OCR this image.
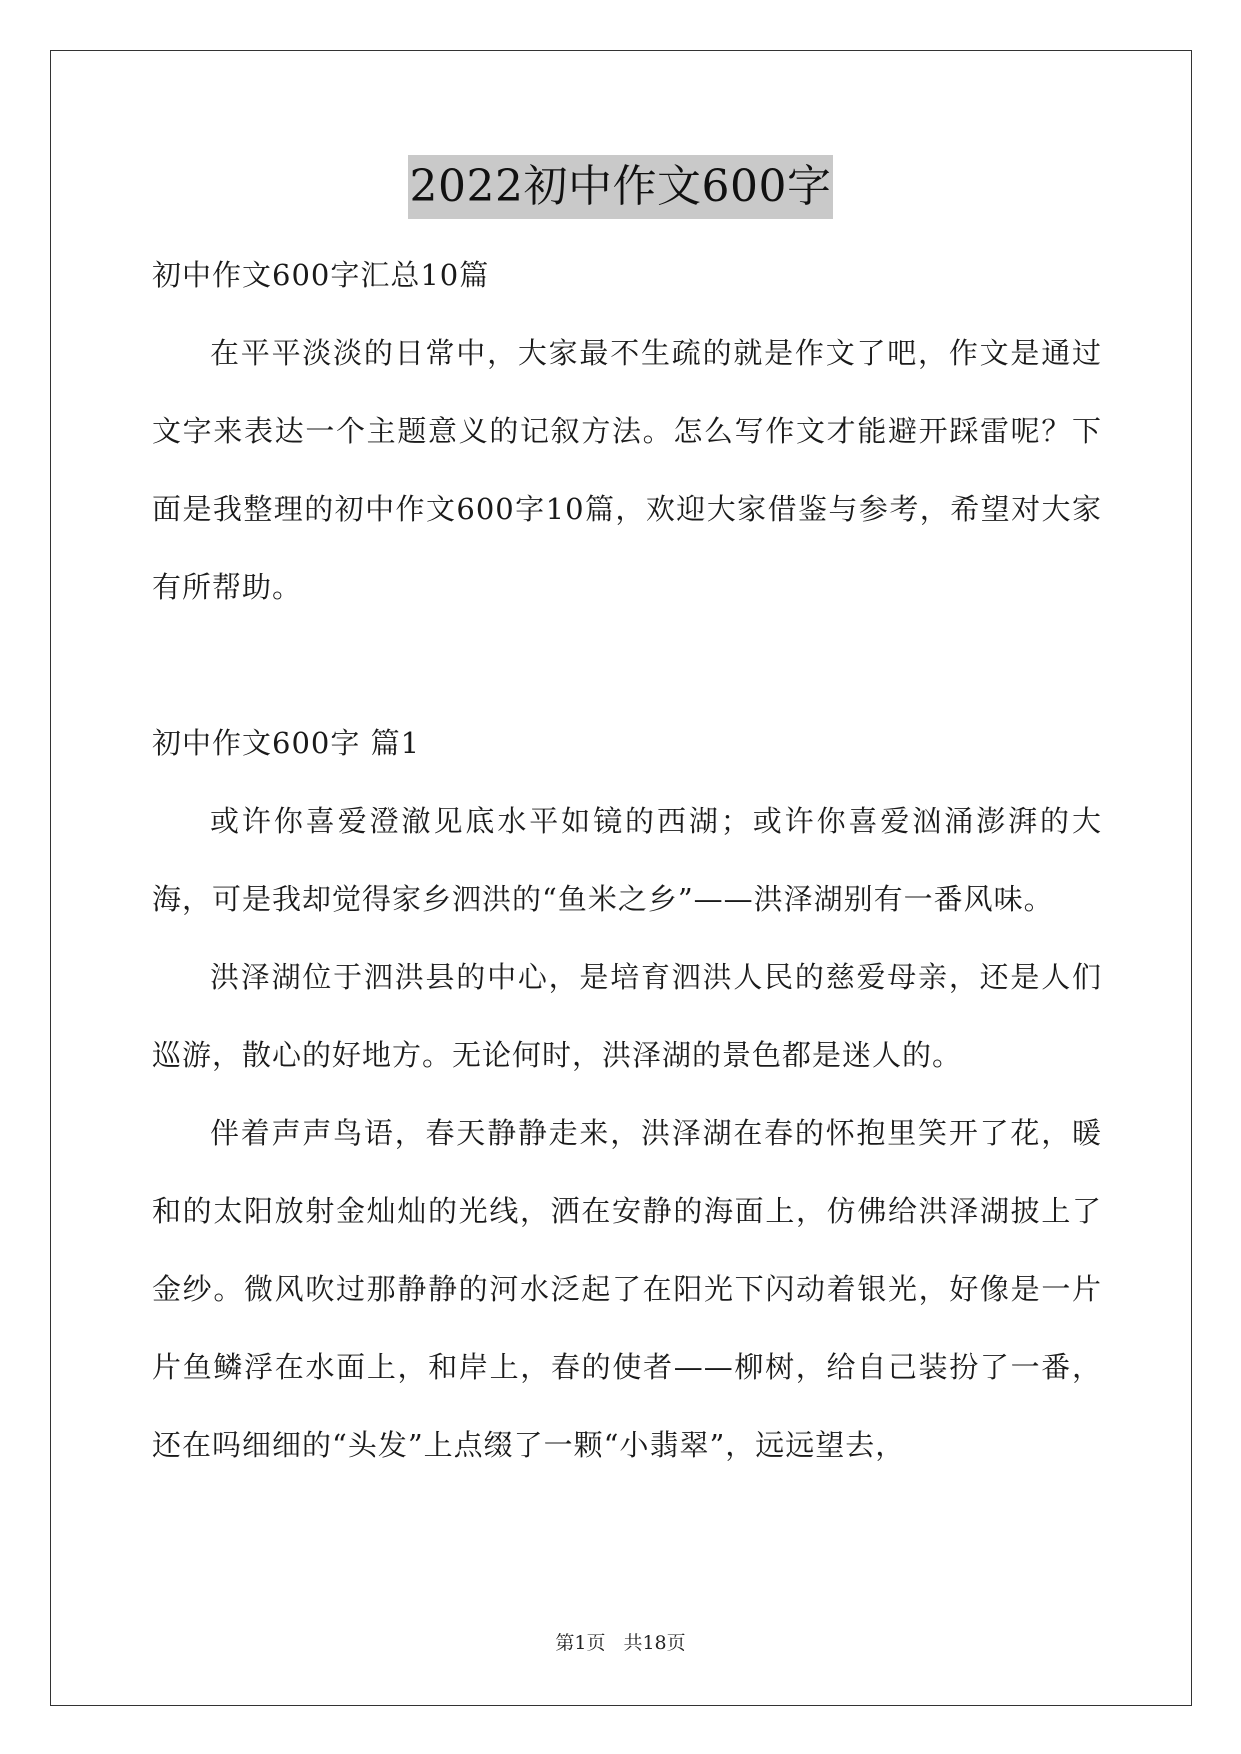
2022初中作文600字

初中作文600字汇总10篇

在平平淡淡的日常中，大家最不生疏的就是作文了吧，作文是通过文字来表达一个主题意义的记叙方法。怎么写作文才能避开踩雷呢？下面是我整理的初中作文600字10篇，欢迎大家借鉴与参考，希望对大家有所帮助。

初中作文600字 篇1

或许你喜爱澄澈见底水平如镜的西湖；或许你喜爱汹涌澎湃的大海，可是我却觉得家乡泗洪的“鱼米之乡”——洪泽湖别有一番风味。

洪泽湖位于泗洪县的中心，是培育泗洪人民的慈爱母亲，还是人们巡游，散心的好地方。无论何时，洪泽湖的景色都是迷人的。

伴着声声鸟语，春天静静走来，洪泽湖在春的怀抱里笑开了花，暖和的太阳放射金灿灿的光线，洒在安静的海面上，仿佛给洪泽湖披上了金纱。微风吹过那静静的河水泛起了在阳光下闪动着银光，好像是一片片鱼鳞浮在水面上，和岸上，春的使者——柳树，给自己装扮了一番，还在吗细细的“头发”上点缀了一颗“小翡翠”，远远望去，

第1页 共18页
